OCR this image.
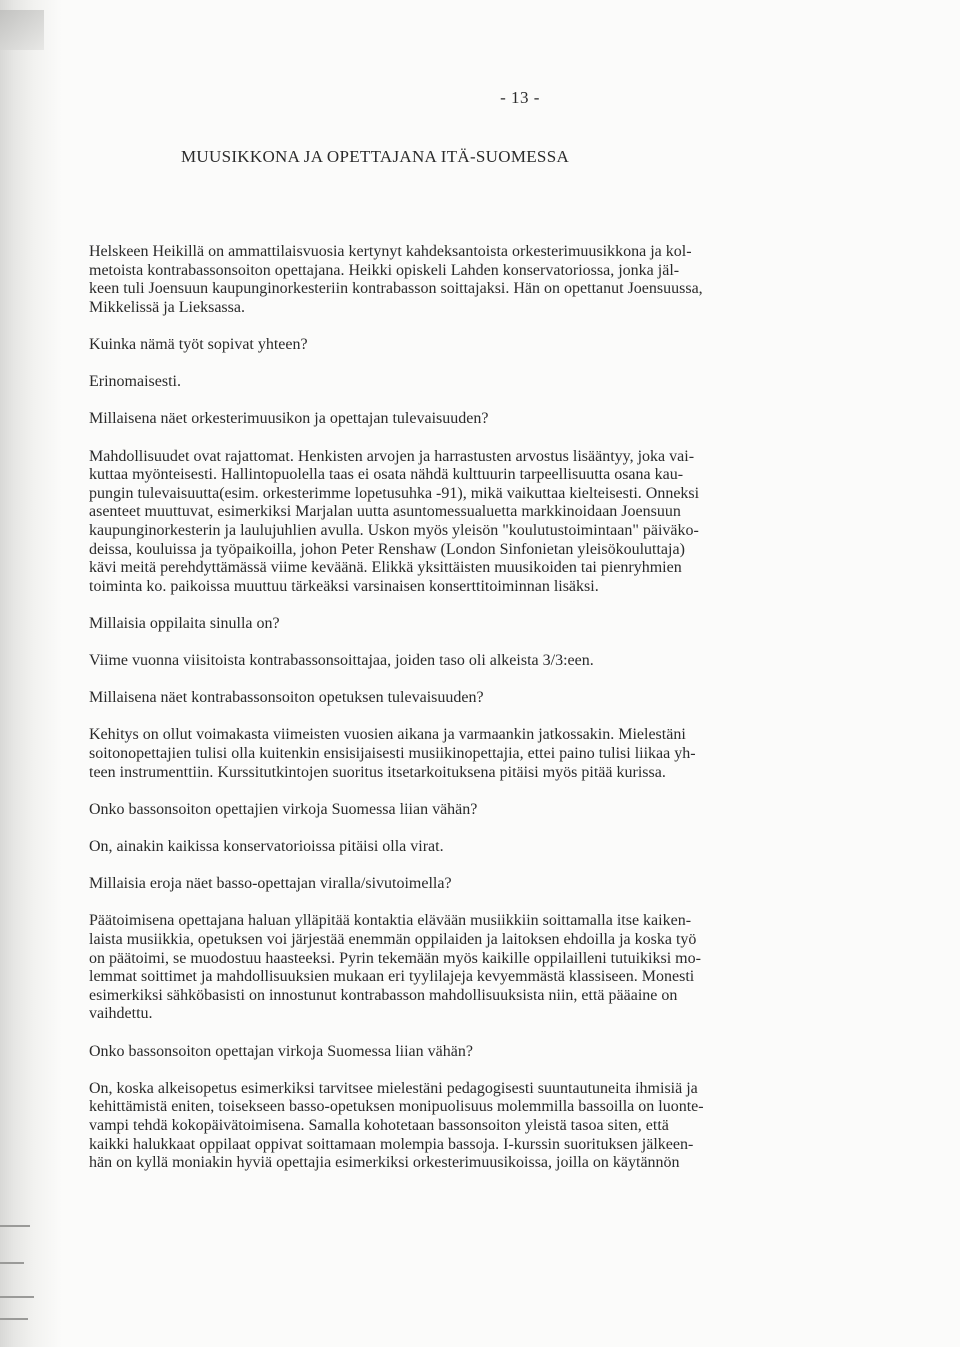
- 13 -
MUUSIKKONA JA OPETTAJANA ITÄ-SUOMESSA

Helskeen Heikillä on ammattilaisvuosia kertynyt kahdeksantoista orkesterimuusikkona ja kol-
metoista kontrabassonsoiton opettajana. Heikki opiskeli Lahden konservatoriossa, jonka jäl-
keen tuli Joensuun kaupunginorkesteriin kontrabasson soittajaksi. Hän on opettanut Joensuussa,
Mikkelissä ja Lieksassa.

Kuinka nämä työt sopivat yhteen?

Erinomaisesti.

Millaisena näet orkesterimuusikon ja opettajan tulevaisuuden?

Mahdollisuudet ovat rajattomat. Henkisten arvojen ja harrastusten arvostus lisääntyy, joka vai-
kuttaa myönteisesti. Hallintopuolella taas ei osata nähdä kulttuurin tarpeellisuutta osana kau-
pungin tulevaisuutta(esim. orkesterimme lopetusuhka -91), mikä vaikuttaa kielteisesti. Onneksi
asenteet muuttuvat, esimerkiksi Marjalan uutta asuntomessualuetta markkinoidaan Joensuun
kaupunginorkesterin ja laulujuhlien avulla. Uskon myös yleisön "koulutustoimintaan" päiväko-
deissa, kouluissa ja työpaikoilla, johon Peter Renshaw (London Sinfonietan yleisökouluttaja)
kävi meitä perehdyttämässä viime keväänä. Elikkä yksittäisten muusikoiden tai pienryhmien
toiminta ko. paikoissa muuttuu tärkeäksi varsinaisen konserttitoiminnan lisäksi.

Millaisia oppilaita sinulla on?

Viime vuonna viisitoista kontrabassonsoittajaa, joiden taso oli alkeista 3/3:een.

Millaisena näet kontrabassonsoiton opetuksen tulevaisuuden?

Kehitys on ollut voimakasta viimeisten vuosien aikana ja varmaankin jatkossakin. Mielestäni
soitonopettajien tulisi olla kuitenkin ensisijaisesti musiikinopettajia, ettei paino tulisi liikaa yh-
teen instrumenttiin. Kurssitutkintojen suoritus itsetarkoituksena pitäisi myös pitää kurissa.

Onko bassonsoiton opettajien virkoja Suomessa liian vähän?

On, ainakin kaikissa konservatorioissa pitäisi olla virat.

Millaisia eroja näet basso-opettajan viralla/sivutoimella?

Päätoimisena opettajana haluan ylläpitää kontaktia elävään musiikkiin soittamalla itse kaiken-
laista musiikkia, opetuksen voi järjestää enemmän oppilaiden ja laitoksen ehdoilla ja koska työ
on päätoimi, se muodostuu haasteeksi. Pyrin tekemään myös kaikille oppilailleni tutuikiksi mo-
lemmat soittimet ja mahdollisuuksien mukaan eri tyylilajeja kevyemmästä klassiseen. Monesti
esimerkiksi sähköbasisti on innostunut kontrabasson mahdollisuuksista niin, että pääaine on
vaihdettu.

Onko bassonsoiton opettajan virkoja Suomessa liian vähän?

On, koska alkeisopetus esimerkiksi tarvitsee mielestäni pedagogisesti suuntautuneita ihmisiä ja
kehittämistä eniten, toisekseen basso-opetuksen monipuolisuus molemmilla bassoilla on luonte-
vampi tehdä kokopäivätoimisena. Samalla kohotetaan bassonsoiton yleistä tasoa siten, että
kaikki halukkaat oppilaat oppivat soittamaan molempia bassoja. I-kurssin suorituksen jälkeen-
hän on kyllä moniakin hyviä opettajia esimerkiksi orkesterimuusikoissa, joilla on käytännön
